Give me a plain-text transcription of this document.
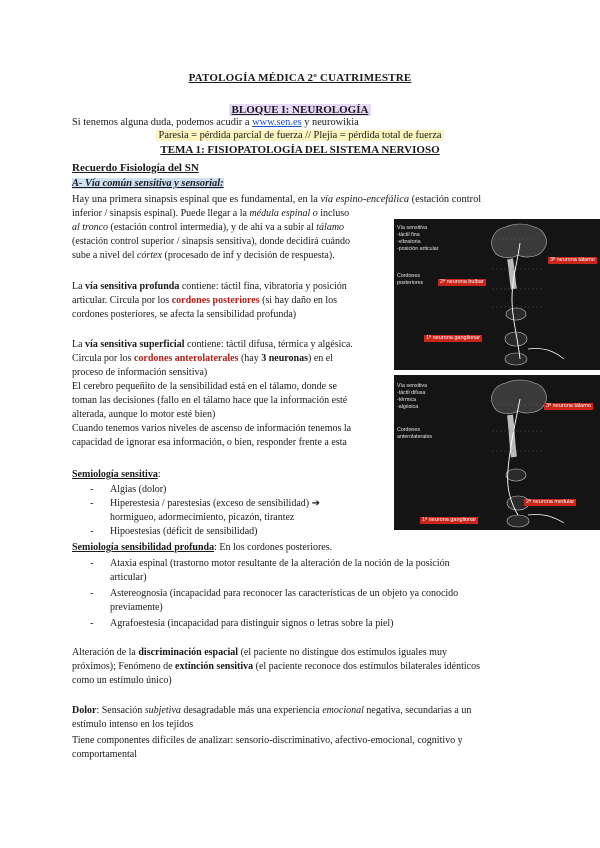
PATOLOGÍA MÉDICA 2º CUATRIMESTRE
BLOQUE I: NEUROLOGÍA
Si tenemos alguna duda, podemos acudir a www.sen.es y neurowikia
Paresia = pérdida parcial de fuerza // Plejia = pérdida total de fuerza
TEMA 1: FISIOPATOLOGÍA DEL SISTEMA NERVIOSO
Recuerdo Fisiología del SN
A- Vía común sensitiva y sensorial:
Hay una primera sinapsis espinal que es fundamental, en la vía espino-encefálica (estación control
inferior / sinapsis espinal). Puede llegar a la médula espinal o incluso
al tronco (estación control intermedia), y de ahí va a subir al tálamo
(estación control superior / sinapsis sensitiva), donde decidirá cuándo
sube a nivel del córtex (procesado de inf y decisión de respuesta).
La vía sensitiva profunda contiene: táctil fina, vibratoria y posición
articular. Circula por los cordones posteriores (si hay daño en los
cordones posteriores, se afecta la sensibilidad profunda)
La vía sensitiva superficial contiene: táctil difusa, térmica y algésica.
Circula por los cordones anterolaterales (hay 3 neuronas) en el
proceso de información sensitiva)
El cerebro pequeñito de la sensibilidad está en el tálamo, donde se
toman las decisiones (fallo en el tálamo hace que la información esté
alterada, aunque lo motor esté bien)
Cuando tenemos varios niveles de ascenso de información tenemos la
capacidad de ignorar esa información, o bien, responder frente a esta
Semiología sensitiva:
- Algias (dolor)
- Hiperestesia / parestesias (exceso de sensibilidad) ➔
hormigueo, adormecimiento, picazón, tirantez
- Hipoestesias (déficit de sensibilidad)
Semiología sensibilidad profunda: En los cordones posteriores.
- Ataxia espinal (trastorno motor resultante de la alteración de la noción de la posición
articular)
- Astereognosia (incapacidad para reconocer las características de un objeto ya conocido
previamente)
- Agrafoestesia (incapacidad para distinguir signos o letras sobre la piel)
Alteración de la discriminación espacial (el paciente no distingue dos estímulos iguales muy
próximos); Fenómeno de extinción sensitiva (el paciente reconoce dos estímulos bilaterales idénticos
como un estímulo único)
Dolor: Sensación subjetiva desagradable más una experiencia emocional negativa, secundarias a un
estímulo intenso en los tejidos
Tiene componentes difíciles de analizar: sensorio-discriminativo, afectivo-emocional, cognitivo y
comportamental
Vía sensitiva
-táctil fina
-vibratoria
-posición articular
Cordones
posteriores
3ª neurona tálamo
2ª neurona bulbar
1ª neurona ganglionar
Vía sensitiva
-táctil difusa
-térmica
-algésica
Cordones
anterolaterales
3ª neurona tálamo
2ª neurona medular
1ª neurona ganglionar
